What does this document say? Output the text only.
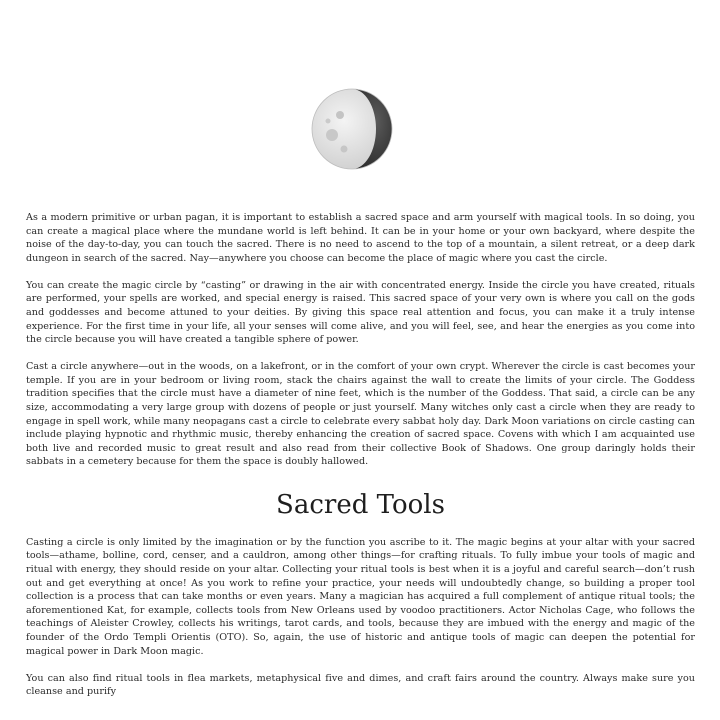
As a modern primitive or urban pagan, it is important to establish a sacred space and arm yourself with magical tools. In so doing, you can create a magical place where the mundane world is left behind. It can be in your home or your own backyard, where despite the noise of the day-to-day, you can touch the sacred. There is no need to ascend to the top of a mountain, a silent retreat, or a deep dark dungeon in search of the sacred. Nay—anywhere you choose can become the place of magic where you cast the circle.

You can create the magic circle by “casting” or drawing in the air with concentrated energy. Inside the circle you have created, rituals are performed, your spells are worked, and special energy is raised. This sacred space of your very own is where you call on the gods and goddesses and become attuned to your deities. By giving this space real attention and focus, you can make it a truly intense experience. For the first time in your life, all your senses will come alive, and you will feel, see, and hear the energies as you come into the circle because you will have created a tangible sphere of power.

Cast a circle anywhere—out in the woods, on a lakefront, or in the comfort of your own crypt. Wherever the circle is cast becomes your temple. If you are in your bedroom or living room, stack the chairs against the wall to create the limits of your circle. The Goddess tradition specifies that the circle must have a diameter of nine feet, which is the number of the Goddess. That said, a circle can be any size, accommodating a very large group with dozens of people or just yourself. Many witches only cast a circle when they are ready to engage in spell work, while many neopagans cast a circle to celebrate every sabbat holy day. Dark Moon variations on circle casting can include playing hypnotic and rhythmic music, thereby enhancing the creation of sacred space. Covens with which I am acquainted use both live and recorded music to great result and also read from their collective Book of Shadows. One group daringly holds their sabbats in a cemetery because for them the space is doubly hallowed.

Sacred Tools

Casting a circle is only limited by the imagination or by the function you ascribe to it. The magic begins at your altar with your sacred tools—athame, bolline, cord, censer, and a cauldron, among other things—for crafting rituals. To fully imbue your tools of magic and ritual with energy, they should reside on your altar. Collecting your ritual tools is best when it is a joyful and careful search—don’t rush out and get everything at once! As you work to refine your practice, your needs will undoubtedly change, so building a proper tool collection is a process that can take months or even years. Many a magician has acquired a full complement of antique ritual tools; the aforementioned Kat, for example, collects tools from New Orleans used by voodoo practitioners. Actor Nicholas Cage, who follows the teachings of Aleister Crowley, collects his writings, tarot cards, and tools, because they are imbued with the energy and magic of the founder of the Ordo Templi Orientis (OTO). So, again, the use of historic and antique tools of magic can deepen the potential for magical power in Dark Moon magic.

You can also find ritual tools in flea markets, metaphysical five and dimes, and craft fairs around the country. Always make sure you cleanse and purify
